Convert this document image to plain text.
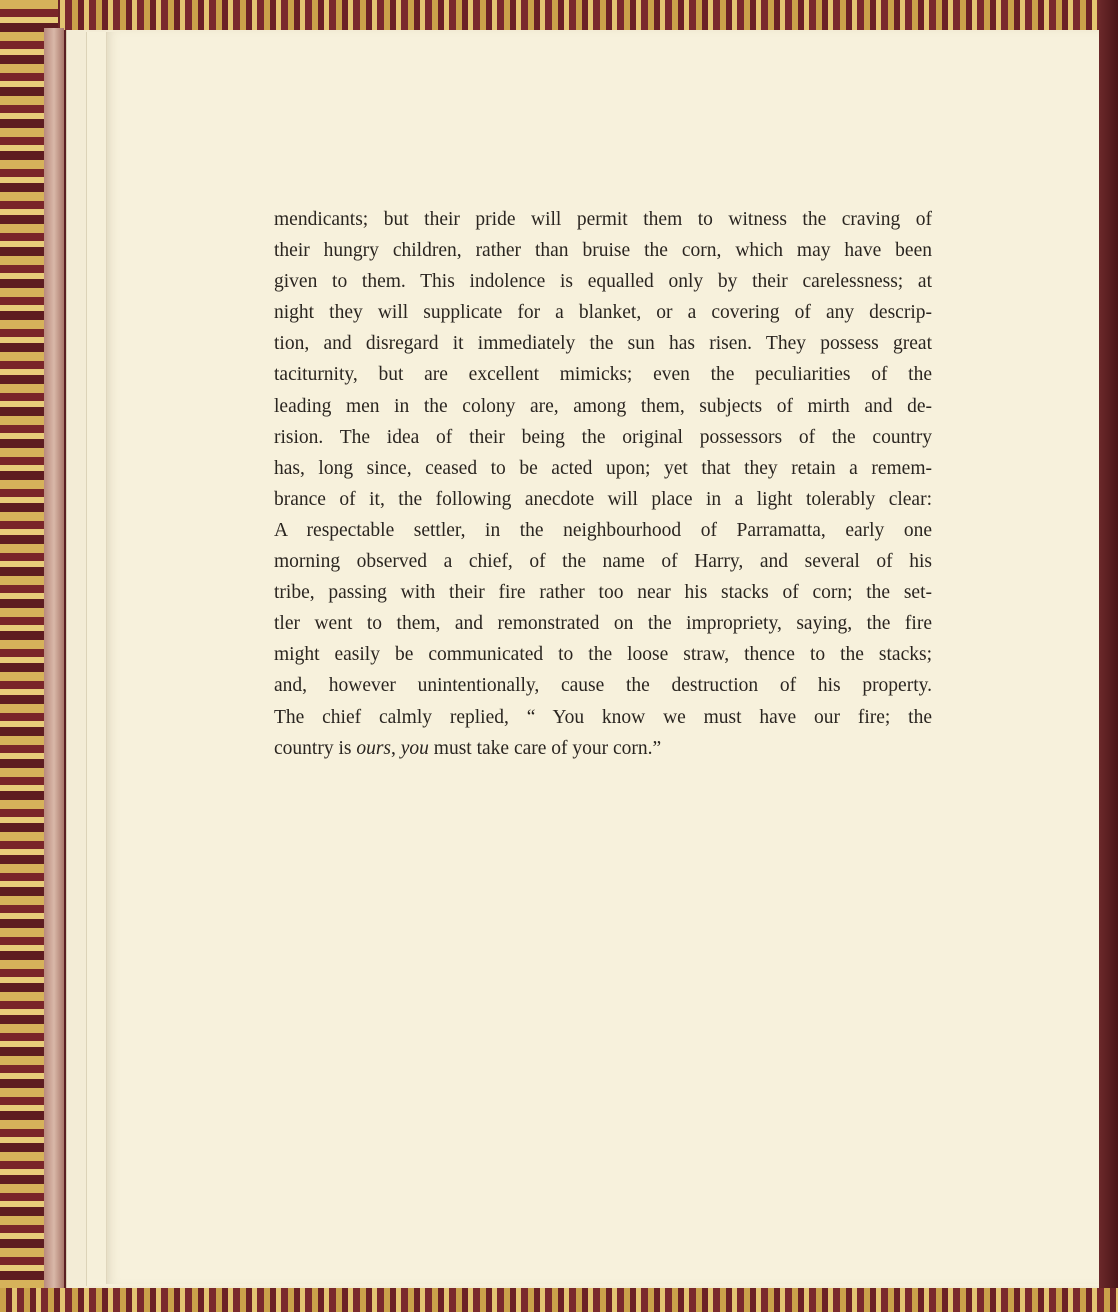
mendicants; but their pride will permit them to witness the craving of
their hungry children, rather than bruise the corn, which may have been
given to them. This indolence is equalled only by their carelessness; at
night they will supplicate for a blanket, or a covering of any descrip-
tion, and disregard it immediately the sun has risen. They possess great
taciturnity, but are excellent mimicks; even the peculiarities of the
leading men in the colony are, among them, subjects of mirth and de-
rision. The idea of their being the original possessors of the country
has, long since, ceased to be acted upon; yet that they retain a remem-
brance of it, the following anecdote will place in a light tolerably clear:
A respectable settler, in the neighbourhood of Parramatta, early one
morning observed a chief, of the name of Harry, and several of his
tribe, passing with their fire rather too near his stacks of corn; the set-
tler went to them, and remonstrated on the impropriety, saying, the fire
might easily be communicated to the loose straw, thence to the stacks;
and, however unintentionally, cause the destruction of his property.
The chief calmly replied, “ You know we must have our fire; the
country is ours, you must take care of your corn.”
